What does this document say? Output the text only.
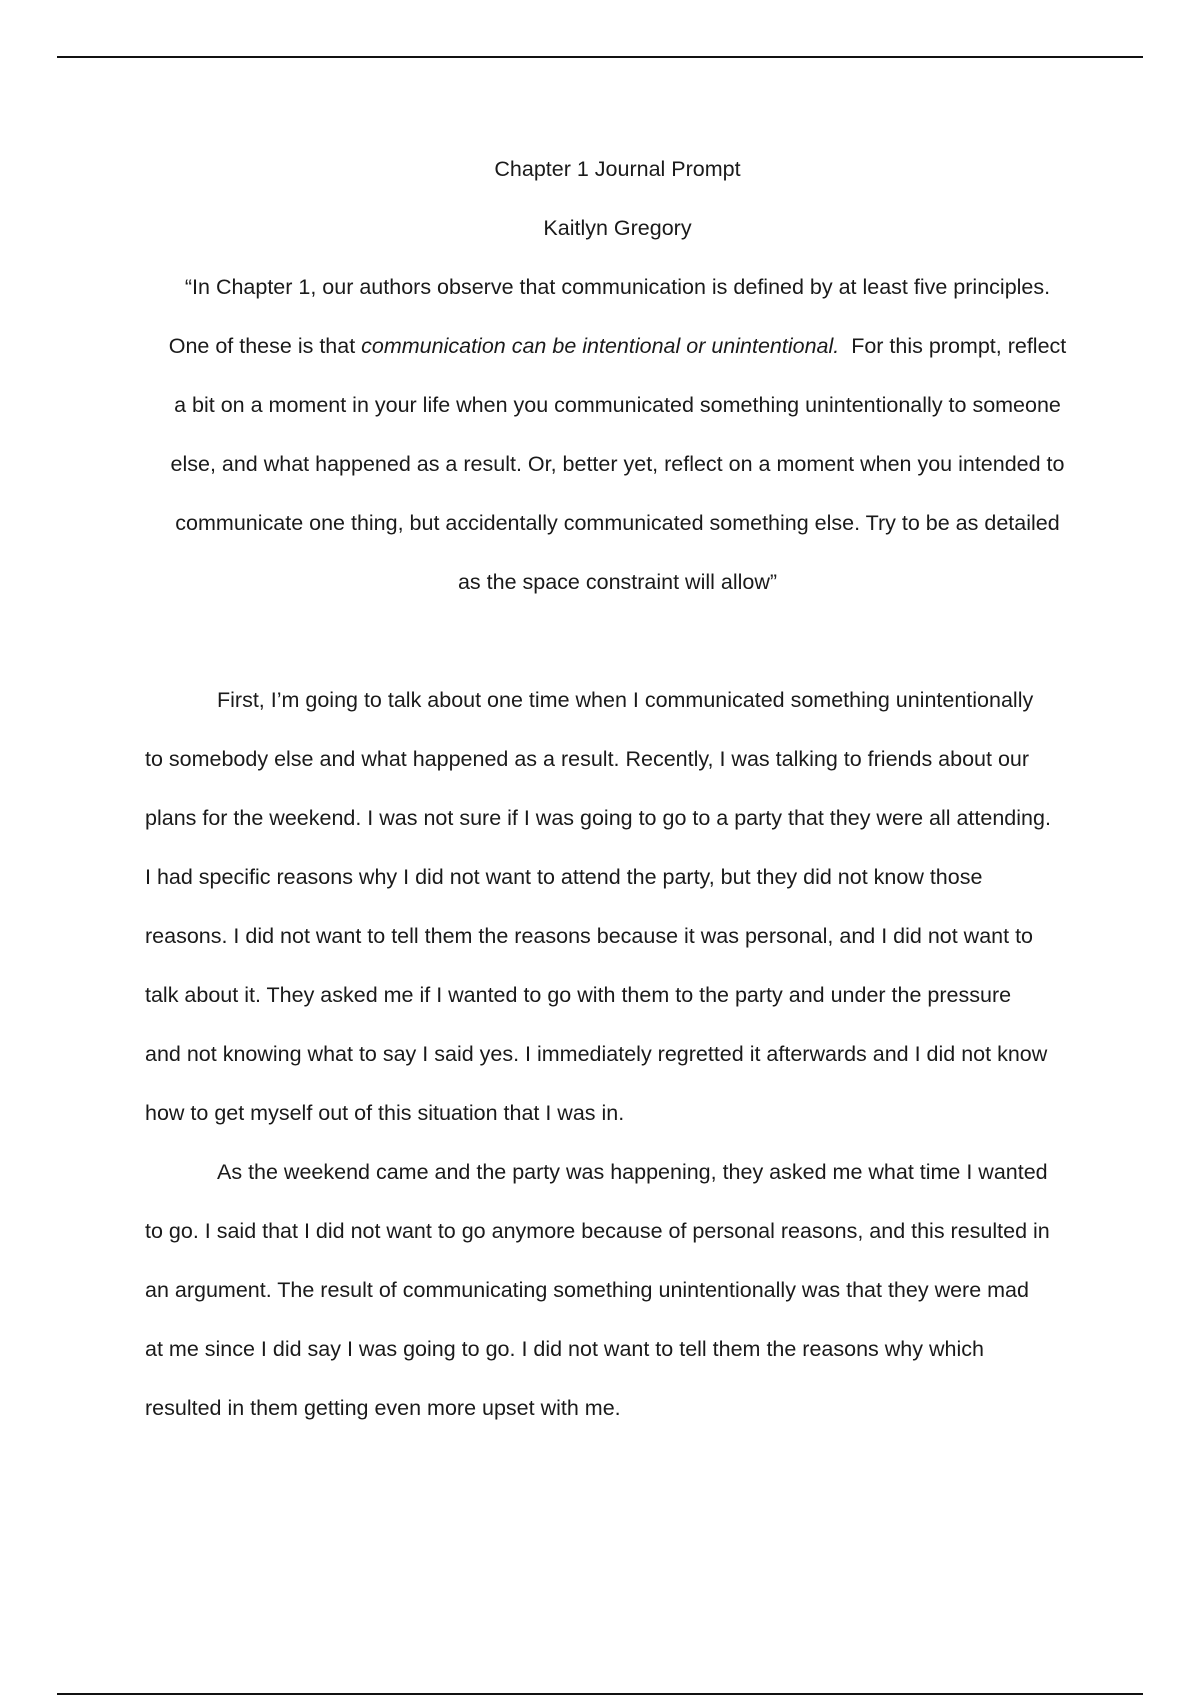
Chapter 1 Journal Prompt

Kaitlyn Gregory

“In Chapter 1, our authors observe that communication is defined by at least five principles.
One of these is that communication can be intentional or unintentional.  For this prompt, reflect
a bit on a moment in your life when you communicated something unintentionally to someone
else, and what happened as a result. Or, better yet, reflect on a moment when you intended to
communicate one thing, but accidentally communicated something else. Try to be as detailed
as the space constraint will allow”
First, I’m going to talk about one time when I communicated something unintentionally
to somebody else and what happened as a result. Recently, I was talking to friends about our
plans for the weekend. I was not sure if I was going to go to a party that they were all attending.
I had specific reasons why I did not want to attend the party, but they did not know those
reasons. I did not want to tell them the reasons because it was personal, and I did not want to
talk about it. They asked me if I wanted to go with them to the party and under the pressure
and not knowing what to say I said yes. I immediately regretted it afterwards and I did not know
how to get myself out of this situation that I was in.
As the weekend came and the party was happening, they asked me what time I wanted
to go. I said that I did not want to go anymore because of personal reasons, and this resulted in
an argument. The result of communicating something unintentionally was that they were mad
at me since I did say I was going to go. I did not want to tell them the reasons why which
resulted in them getting even more upset with me.
